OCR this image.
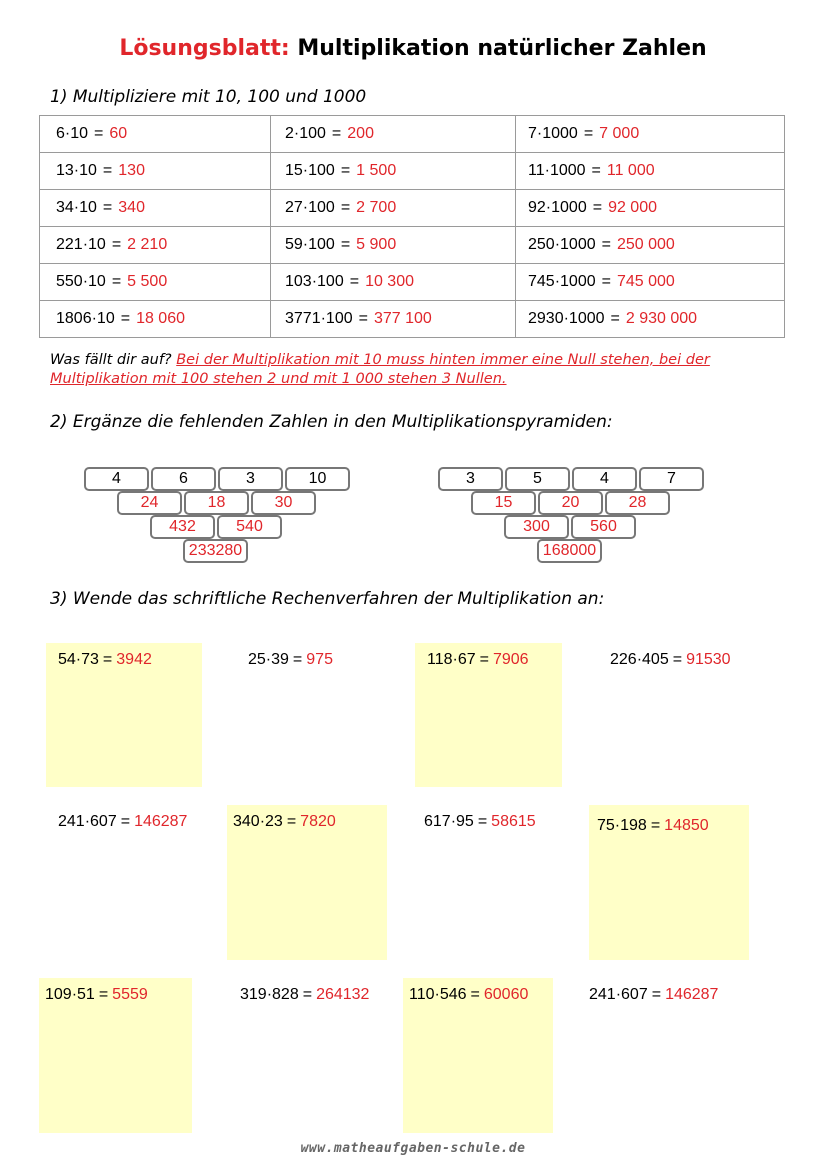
Lösungsblatt: Multiplikation natürlicher Zahlen
1) Multipliziere mit 10, 100 und 1000
6·10 = 60	2·100 = 200	7·1000 = 7 000
13·10 = 130	15·100 = 1 500	11·1000 = 11 000
34·10 = 340	27·100 = 2 700	92·1000 = 92 000
221·10 = 2 210	59·100 = 5 900	250·1000 = 250 000
550·10 = 5 500	103·100 = 10 300	745·1000 = 745 000
1806·10 = 18 060	3771·100 = 377 100	2930·1000 = 2 930 000
Was fällt dir auf? Bei der Multiplikation mit 10 muss hinten immer eine Null stehen, bei der Multiplikation mit 100 stehen 2 und mit 1 000 stehen 3 Nullen.
2) Ergänze die fehlenden Zahlen in den Multiplikationspyramiden:
4	6	3	10
24	18	30
432	540
233280
3	5	4	7
15	20	28
300	560
168000
3) Wende das schriftliche Rechenverfahren der Multiplikation an:
54·73 = 3942	25·39 = 975	118·67 = 7906	226·405 = 91530
241·607 = 146287	340·23 = 7820	617·95 = 58615	75·198 = 14850
109·51 = 5559	319·828 = 264132 110·546 = 60060	241·607 = 146287
www.matheaufgaben-schule.de
